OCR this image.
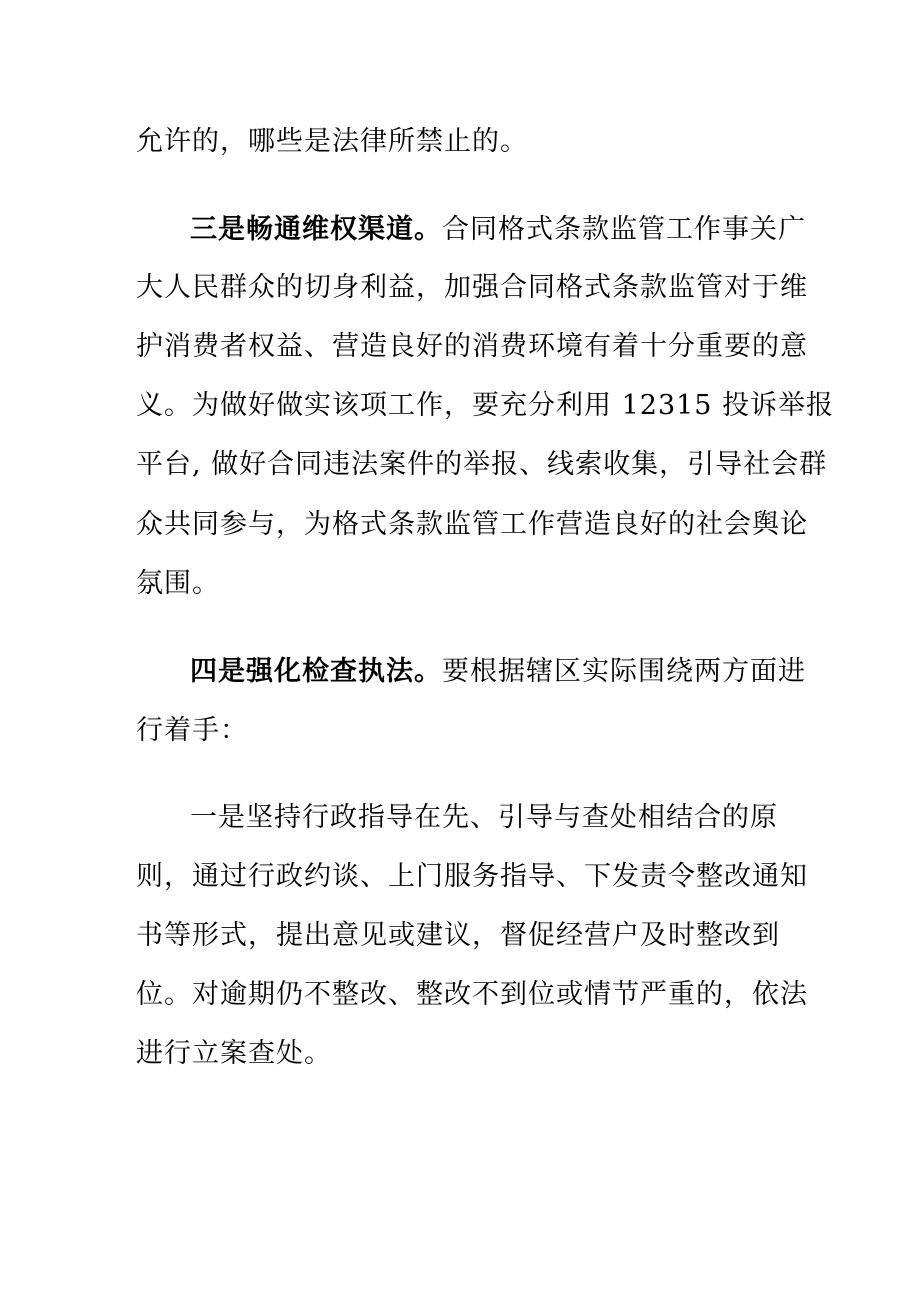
允许的，哪些是法律所禁止的。
三是畅通维权渠道。合同格式条款监管工作事关广
大人民群众的切身利益，加强合同格式条款监管对于维
护消费者权益、营造良好的消费环境有着十分重要的意
义。为做好做实该项工作，要充分利用 12315 投诉举报
平台, 做好合同违法案件的举报、线索收集，引导社会群
众共同参与，为格式条款监管工作营造良好的社会舆论
氛围。
四是强化检查执法。要根据辖区实际围绕两方面进
行着手：
一是坚持行政指导在先、引导与查处相结合的原
则，通过行政约谈、上门服务指导、下发责令整改通知
书等形式，提出意见或建议，督促经营户及时整改到
位。对逾期仍不整改、整改不到位或情节严重的，依法
进行立案查处。
